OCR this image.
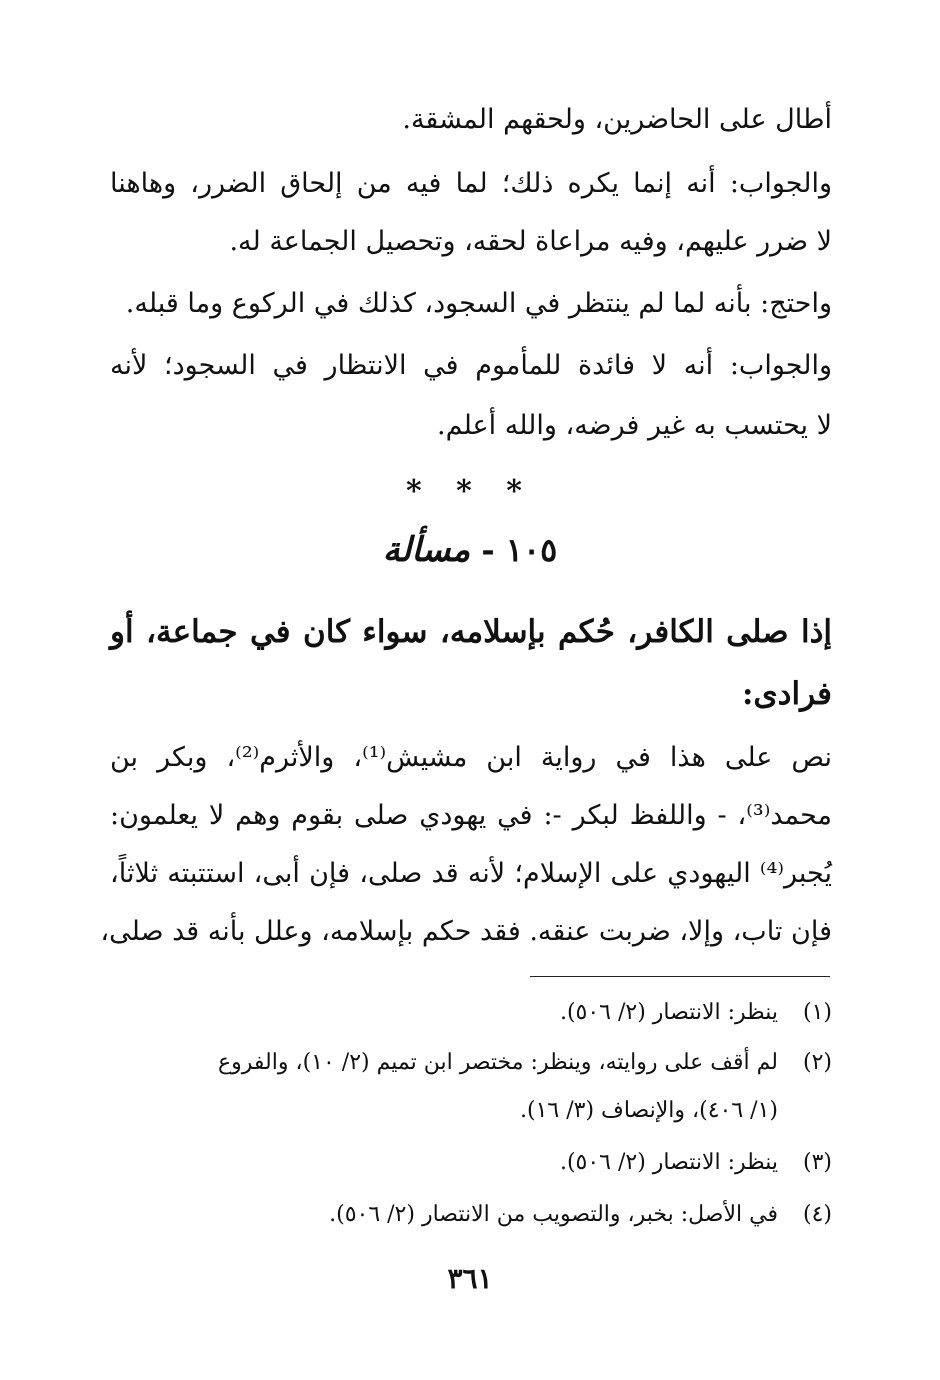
أطال على الحاضرين، ولحقهم المشقة.
والجواب: أنه إنما يكره ذلك؛ لما فيه من إلحاق الضرر، وهاهنا
لا ضرر عليهم، وفيه مراعاة لحقه، وتحصيل الجماعة له.
واحتج: بأنه لما لم ينتظر في السجود، كذلك في الركوع وما قبله.
والجواب: أنه لا فائدة للمأموم في الانتظار في السجود؛ لأنه
لا يحتسب به غير فرضه، والله أعلم.
* * *
١٠٥ - مسألة
إذا صلى الكافر، حُكم بإسلامه، سواء كان في جماعة، أو
فرادى:
نص على هذا في رواية ابن مشيش⁽¹⁾، والأثرم⁽²⁾، وبكر بن
محمد⁽³⁾، - واللفظ لبكر -: في يهودي صلى بقوم وهم لا يعلمون:
يُجبر⁽⁴⁾ اليهودي على الإسلام؛ لأنه قد صلى، فإن أبى، استتبته ثلاثاً،
فإن تاب، وإلا، ضربت عنقه. فقد حكم بإسلامه، وعلل بأنه قد صلى،
(١)ينظر: الانتصار (٢/ ٥٠٦).
(٢)لم أقف على روايته، وينظر: مختصر ابن تميم (٢/ ١٠)، والفروع
(١/ ٤٠٦)، والإنصاف (٣/ ١٦).
(٣)ينظر: الانتصار (٢/ ٥٠٦).
(٤)في الأصل: بخبر، والتصويب من الانتصار (٢/ ٥٠٦).
٣٦١
